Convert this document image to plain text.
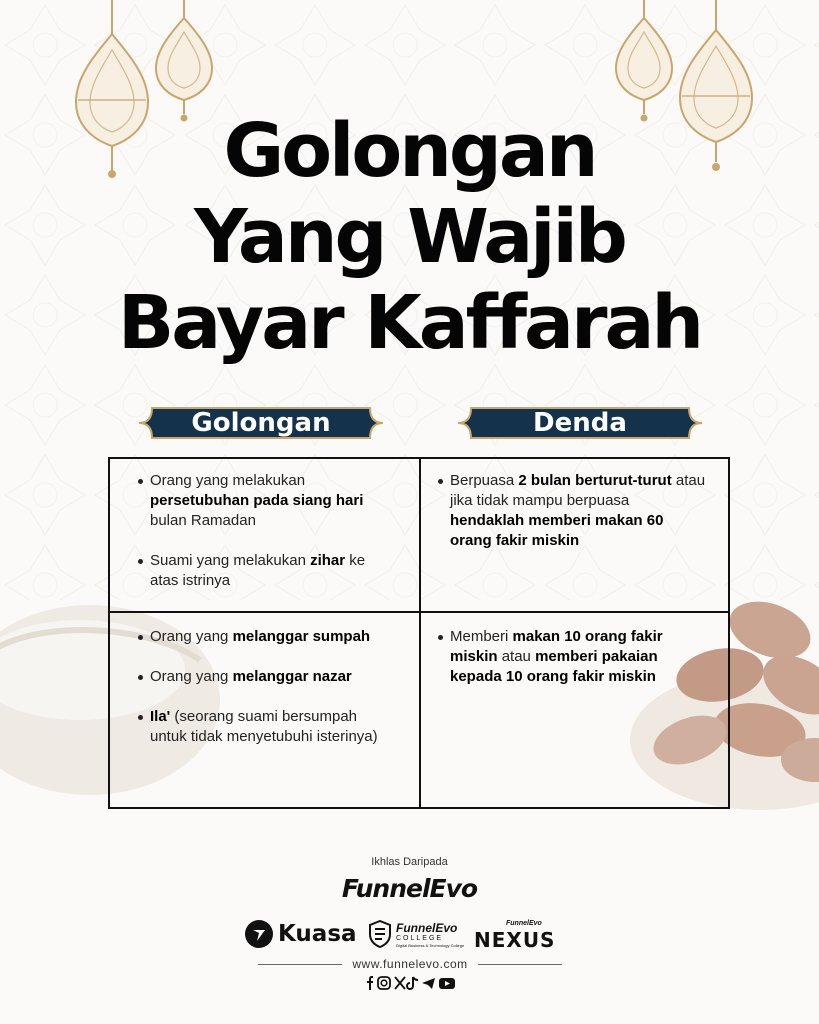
Golongan
Yang Wajib
Bayar Kaffarah
Golongan	Denda
Orang yang melakukan persetubuhan pada siang hari bulan Ramadan
Suami yang melakukan zihar ke atas istrinya
Berpuasa 2 bulan berturut-turut atau jika tidak mampu berpuasa hendaklah memberi makan 60 orang fakir miskin
Orang yang melanggar sumpah
Orang yang melanggar nazar
Ila' (seorang suami bersumpah untuk tidak menyetubuhi isterinya)
Memberi makan 10 orang fakir miskin atau memberi pakaian kepada 10 orang fakir miskin
Ikhlas Daripada
FunnelEvo
Kuasa	FunnelEvo
COLLEGE
Digital Business & Technology College
FunnelEvo
NEXUS
www.funnelevo.com
